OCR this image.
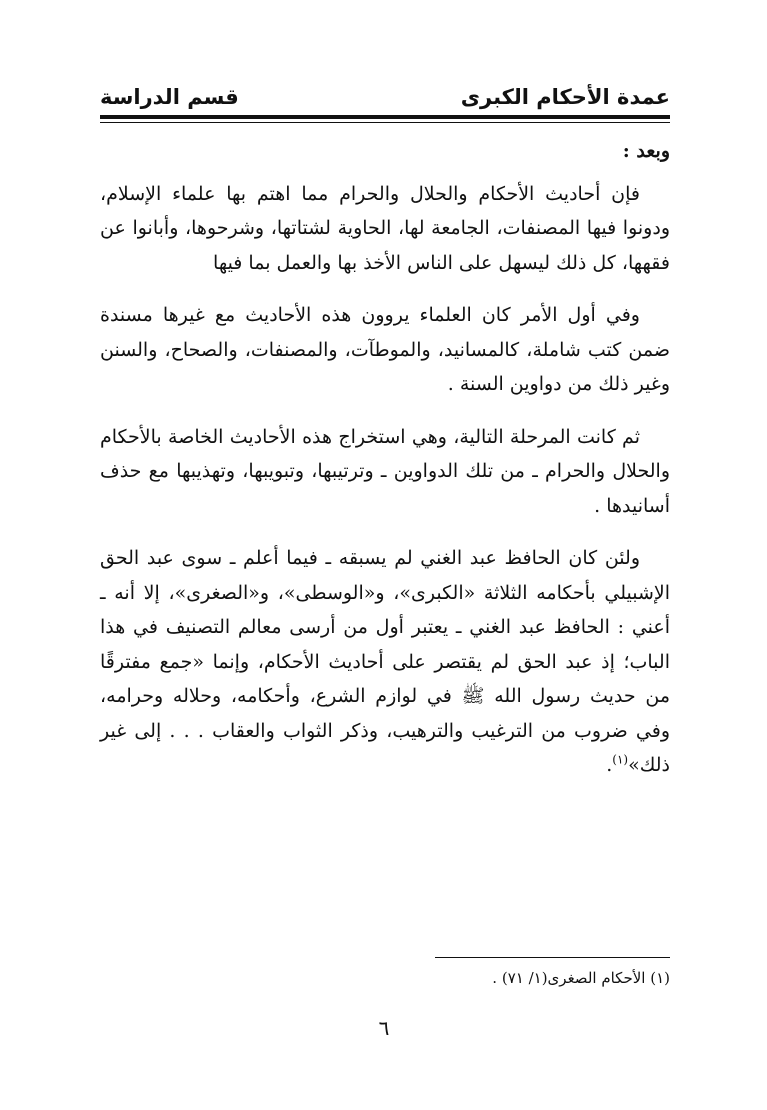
عمدة الأحكام الكبرى
قسم الدراسة

وبعد :

فإن أحاديث الأحكام والحلال والحرام مما اهتم بها علماء الإسلام، ودونوا فيها المصنفات، الجامعة لها، الحاوية لشتاتها، وشرحوها، وأبانوا عن فقهها، كل ذلك ليسهل على الناس الأخذ بها والعمل بما فيها

وفي أول الأمر كان العلماء يروون هذه الأحاديث مع غيرها مسندة ضمن كتب شاملة، كالمسانيد، والموطآت، والمصنفات، والصحاح، والسنن وغير ذلك من دواوين السنة .

ثم كانت المرحلة التالية، وهي استخراج هذه الأحاديث الخاصة بالأحكام والحلال والحرام ـ من تلك الدواوين ـ وترتيبها، وتبويبها، وتهذيبها مع حذف أسانيدها .

ولئن كان الحافظ عبد الغني لم يسبقه ـ فيما أعلم ـ سوى عبد الحق الإشبيلي بأحكامه الثلاثة «الكبرى»، و«الوسطى»، و«الصغرى»، إلا أنه ـ أعني : الحافظ عبد الغني ـ يعتبر أول من أرسى معالم التصنيف في هذا الباب؛ إذ عبد الحق لم يقتصر على أحاديث الأحكام، وإنما «جمع مفترقًا من حديث رسول الله ﷺ في لوازم الشرع، وأحكامه، وحلاله وحرامه، وفي ضروب من الترغيب والترهيب، وذكر الثواب والعقاب . . . إلى غير ذلك»$^{(١)}$.

(١) الأحكام الصغرى(١/ ٧١) .
٦
